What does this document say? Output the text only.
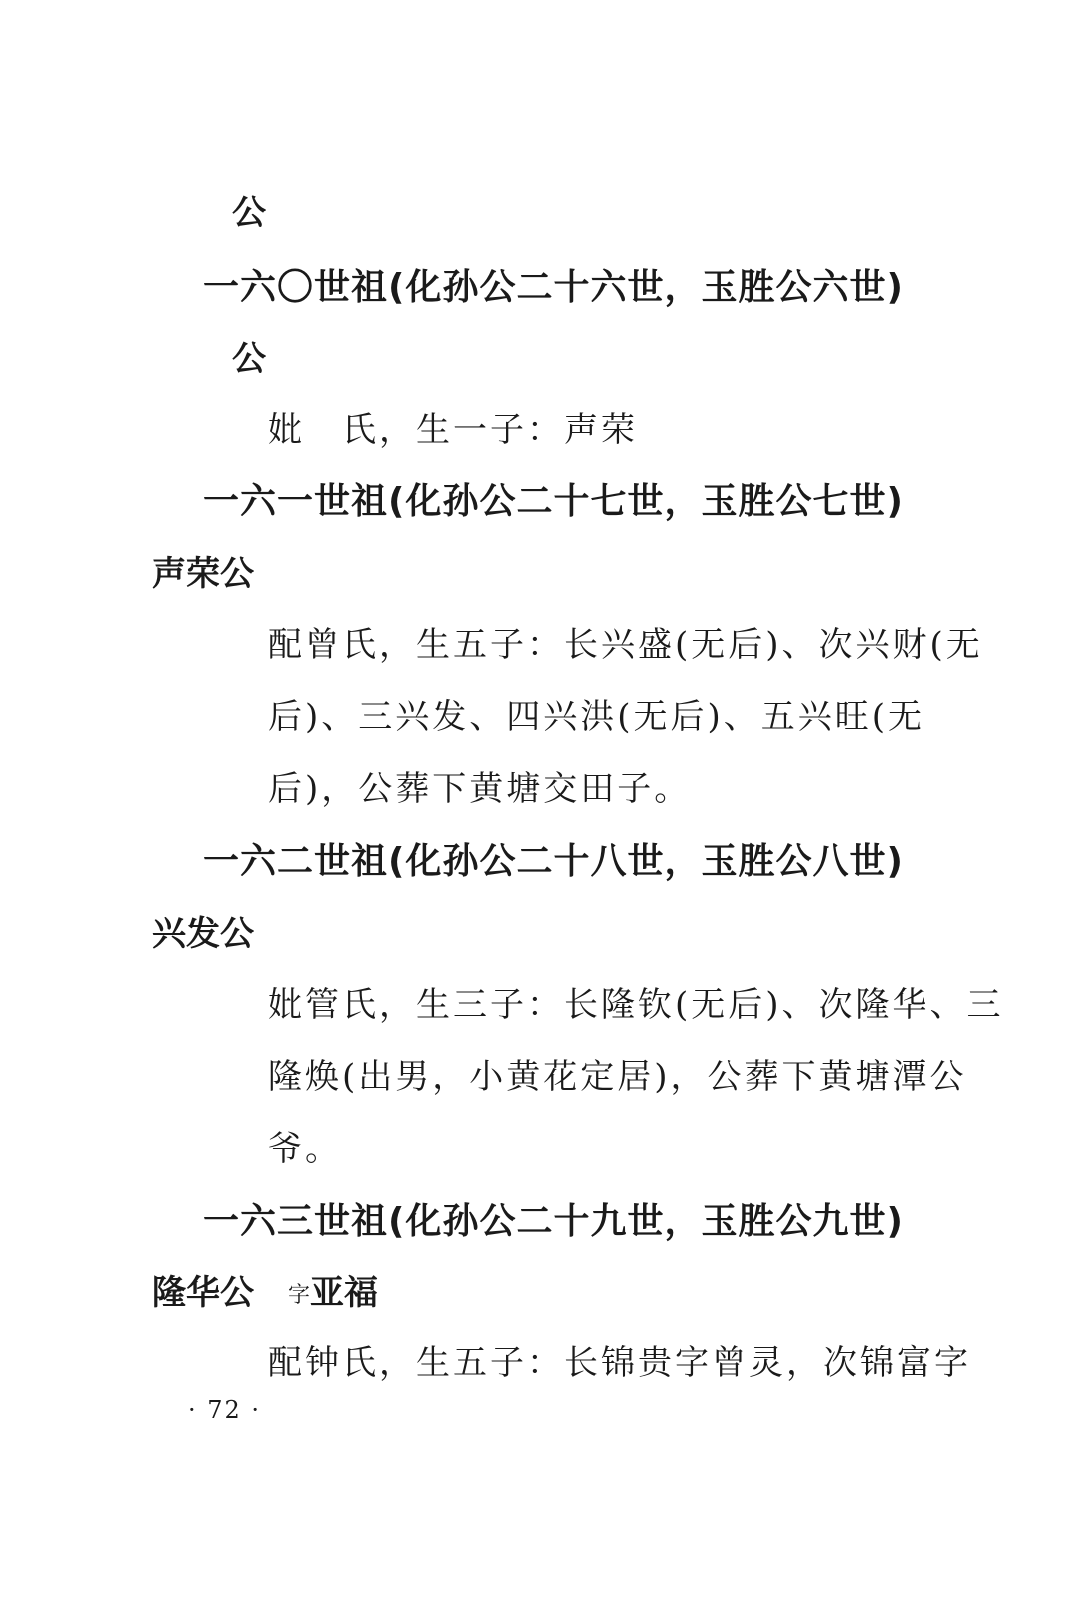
公
一六〇世祖(化孙公二十六世，玉胜公六世)
公
妣　氏，生一子：声荣
一六一世祖(化孙公二十七世，玉胜公七世)
声荣公
配曾氏，生五子：长兴盛(无后)、次兴财(无
后)、三兴发、四兴洪(无后)、五兴旺(无
后)，公葬下黄塘交田子。
一六二世祖(化孙公二十八世，玉胜公八世)
兴发公
妣管氏，生三子：长隆钦(无后)、次隆华、三
隆焕(出男，小黄花定居)，公葬下黄塘潭公
爷。
一六三世祖(化孙公二十九世，玉胜公九世)
隆华公 字亚福
配钟氏，生五子：长锦贵字曾灵，次锦富字
· 72 ·
